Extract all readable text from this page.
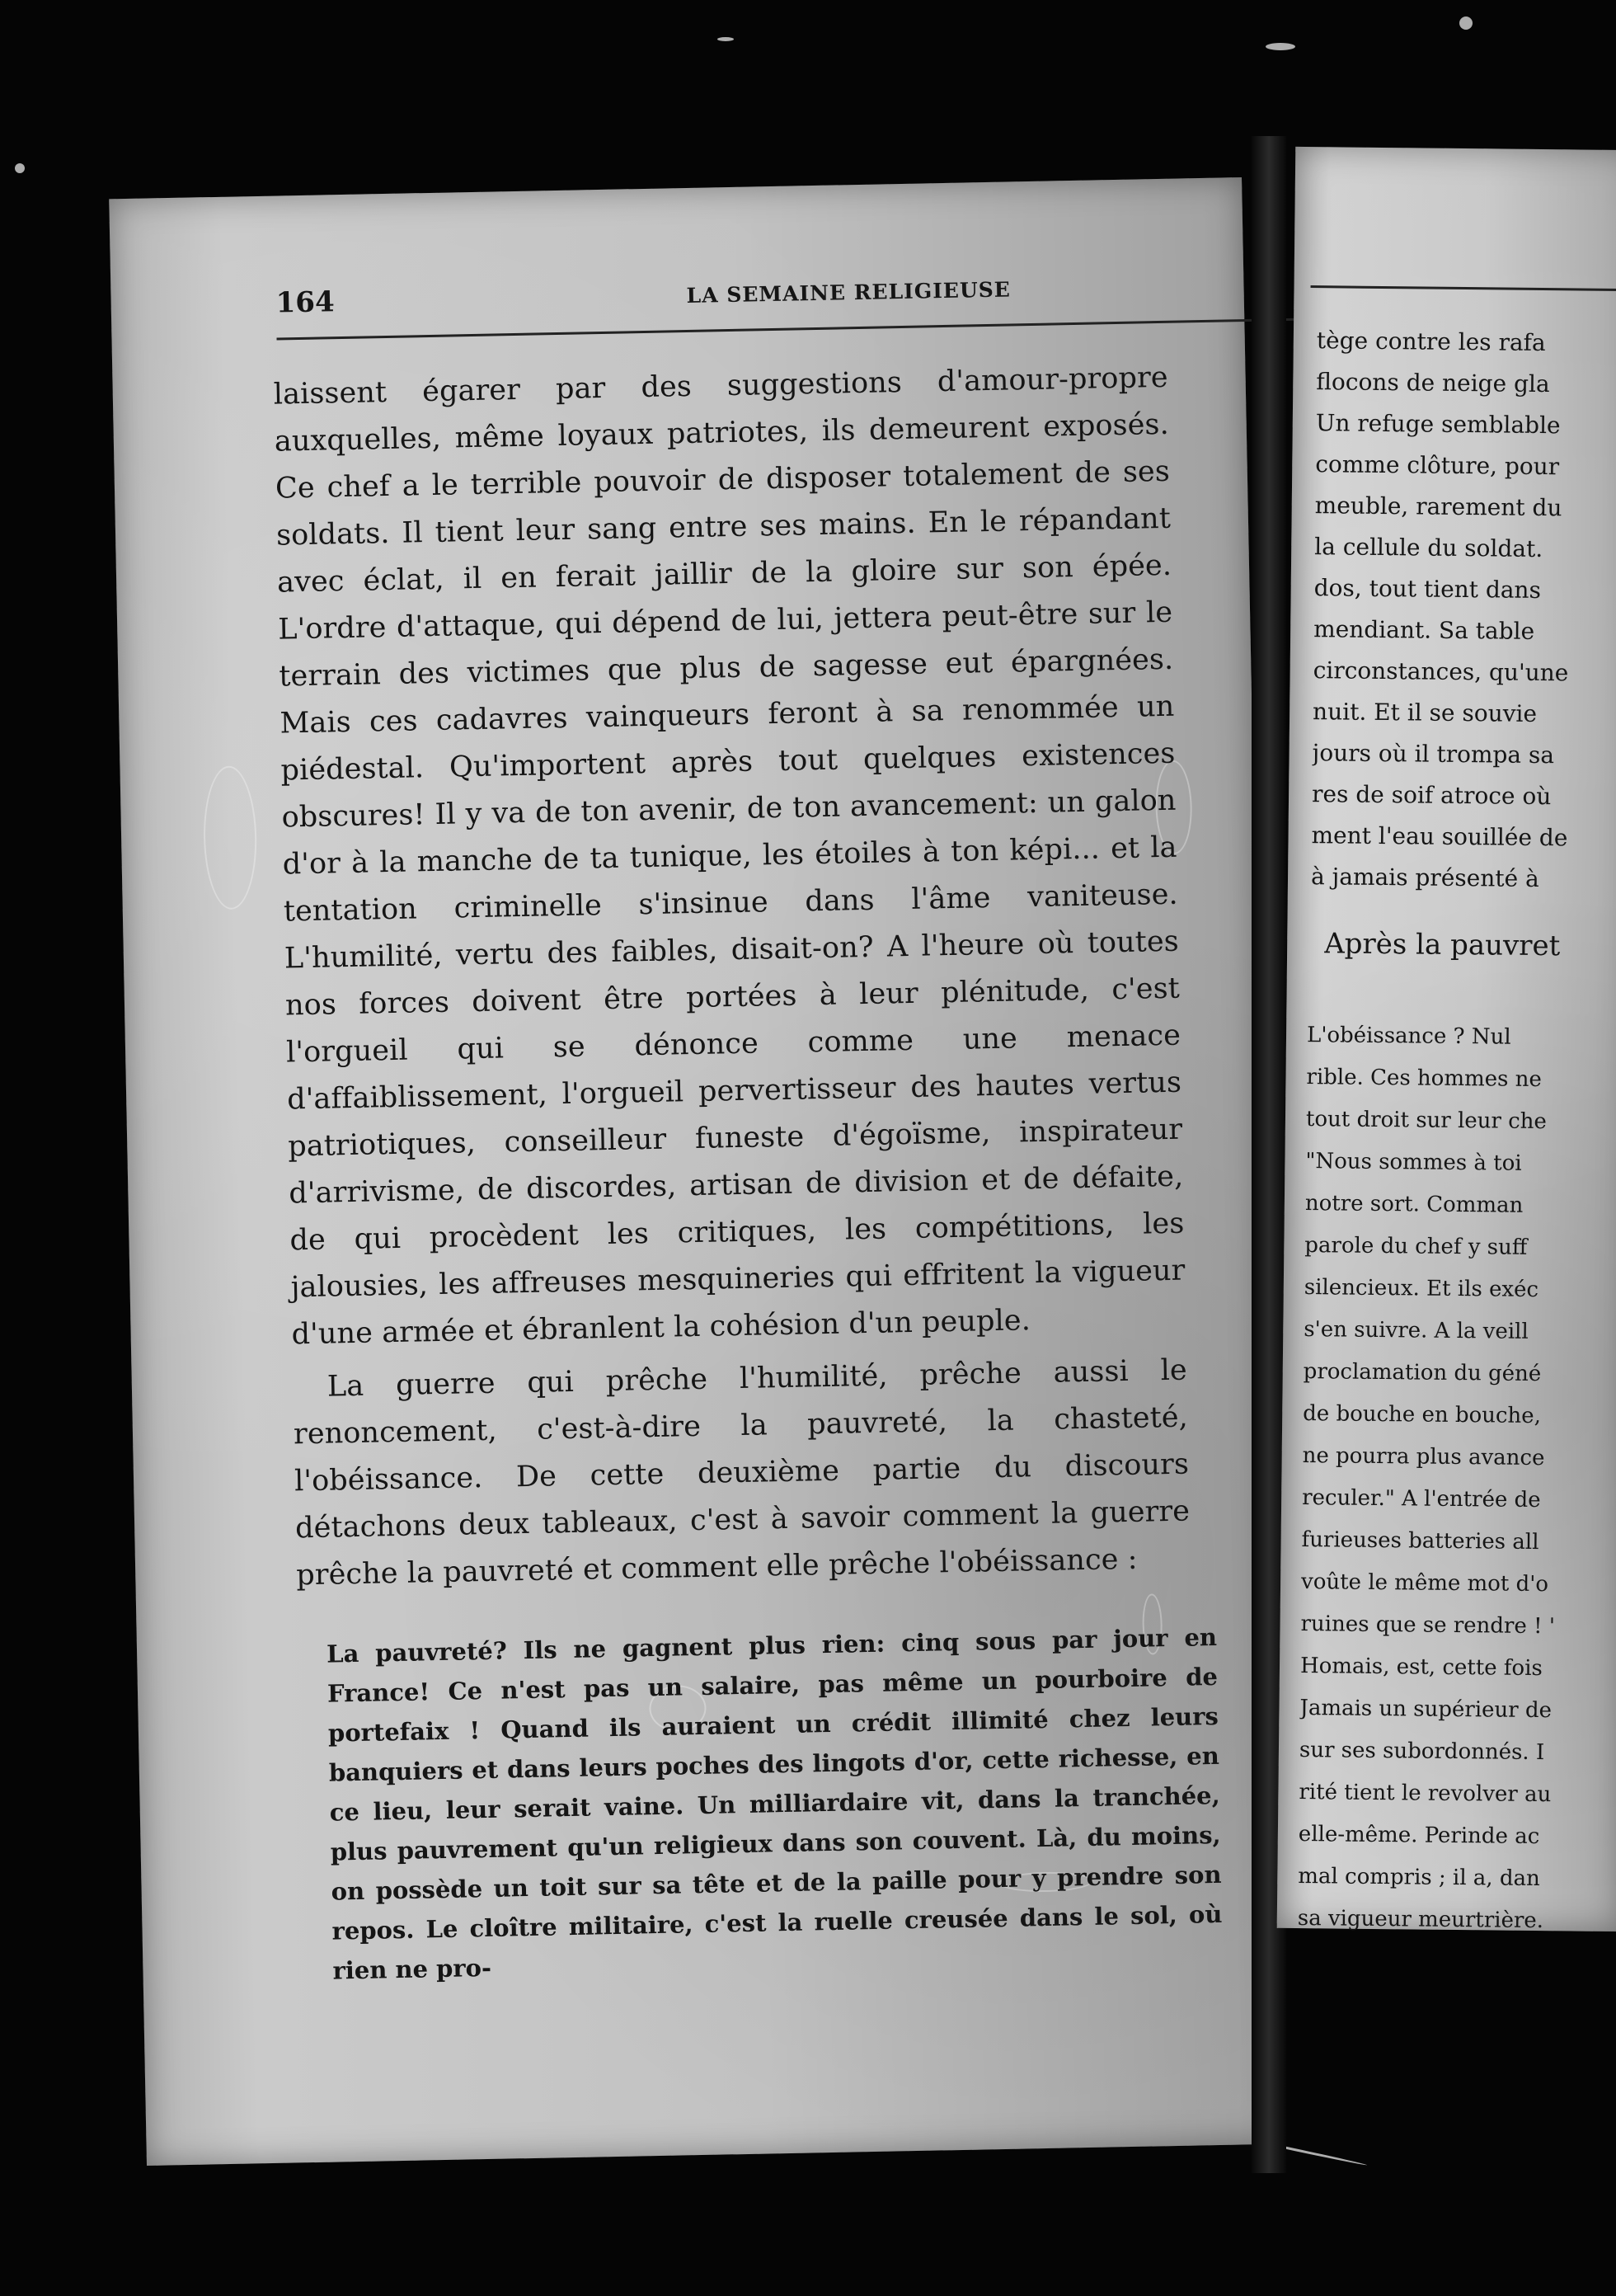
164	LA SEMAINE RELIGIEUSE

laissent égarer par des suggestions d'amour-propre auxquelles, même loyaux patriotes, ils demeurent exposés. Ce chef a le terrible pouvoir de disposer totalement de ses soldats. Il tient leur sang entre ses mains. En le répandant avec éclat, il en ferait jaillir de la gloire sur son épée. L'ordre d'attaque, qui dépend de lui, jettera peut-être sur le terrain des victimes que plus de sagesse eut épargnées. Mais ces cadavres vainqueurs feront à sa renommée un piédestal. Qu'importent après tout quelques existences obscures! Il y va de ton avenir, de ton avancement: un galon d'or à la manche de ta tunique, les étoiles à ton képi... et la tentation criminelle s'insinue dans l'âme vaniteuse. L'humilité, vertu des faibles, disait-on? A l'heure où toutes nos forces doivent être portées à leur plénitude, c'est l'orgueil qui se dénonce comme une menace d'affaiblissement, l'orgueil pervertisseur des hautes vertus patriotiques, conseilleur funeste d'égoïsme, inspirateur d'arrivisme, de discordes, artisan de division et de défaite, de qui procèdent les critiques, les compétitions, les jalousies, les affreuses mesquineries qui effritent la vigueur d'une armée et ébranlent la cohésion d'un peuple.

La guerre qui prêche l'humilité, prêche aussi le renoncement, c'est-à-dire la pauvreté, la chasteté, l'obéissance. De cette deuxième partie du discours détachons deux tableaux, c'est à savoir comment la guerre prêche la pauvreté et comment elle prêche l'obéissance :

La pauvreté? Ils ne gagnent plus rien: cinq sous par jour en France! Ce n'est pas un salaire, pas même un pourboire de portefaix ! Quand ils auraient un crédit illimité chez leurs banquiers et dans leurs poches des lingots d'or, cette richesse, en ce lieu, leur serait vaine. Un milliardaire vit, dans la tranchée, plus pauvrement qu'un religieux dans son couvent. Là, du moins, on possède un toit sur sa tête et de la paille pour y prendre son repos. Le cloître militaire, c'est la ruelle creusée dans le sol, où rien ne pro-
tège contre les rafa
flocons de neige gla
Un refuge semblable
comme clôture, pour
meuble, rarement du
la cellule du soldat.
dos, tout tient dans
mendiant. Sa table
circonstances, qu'une
nuit. Et il se souvie
jours où il trompa sa
res de soif atroce où
ment l'eau souillée de
à jamais présenté à
Après la pauvret
L'obéissance ? Nul
rible. Ces hommes ne
tout droit sur leur che
"Nous sommes à toi
notre sort. Comman
parole du chef y suff
silencieux. Et ils exéc
s'en suivre. A la veill
proclamation du géné
de bouche en bouche,
ne pourra plus avance
reculer." A l'entrée de
furieuses batteries all
voûte le même mot d'o
ruines que se rendre ! '
Homais, est, cette fois
Jamais un supérieur de
sur ses subordonnés. I
rité tient le revolver au
elle-même. Perinde ac
mal compris ; il a, dan
sa vigueur meurtrière.
